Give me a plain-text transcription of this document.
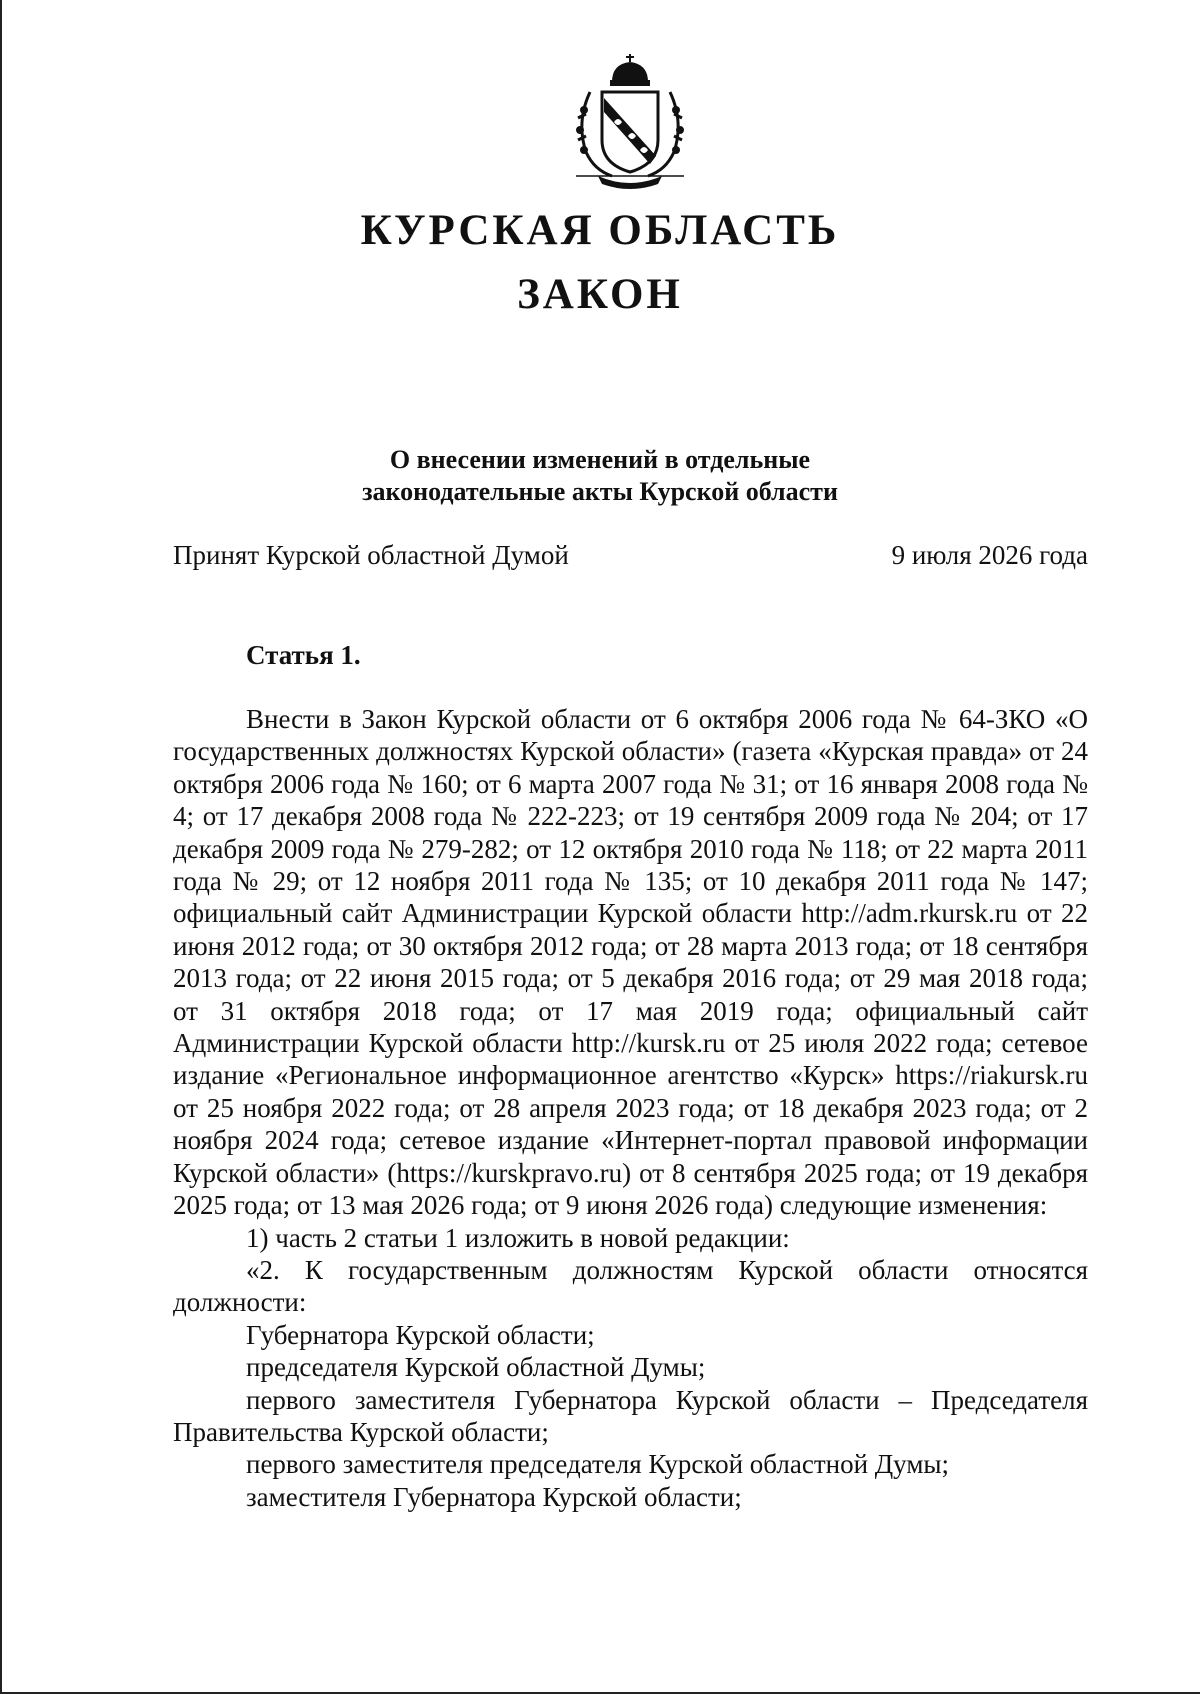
КУРСКАЯ ОБЛАСТЬ
ЗАКОН
О внесении изменений в отдельные
законодательные акты Курской области
Принят Курской областной Думой	9 июля 2026 года
Статья 1.

Внести в Закон Курской области от 6 октября 2006 года № 64-ЗКО «О государственных должностях Курской области» (газета «Курская правда» от 24 октября 2006 года № 160; от 6 марта 2007 года № 31; от 16 января 2008 года № 4; от 17 декабря 2008 года № 222-223; от 19 сентября 2009 года № 204; от 17 декабря 2009 года № 279-282; от 12 октября 2010 года № 118; от 22 марта 2011 года № 29; от 12 ноября 2011 года № 135; от 10 декабря 2011 года № 147; официальный сайт Администрации Курской области http://adm.rkursk.ru от 22 июня 2012 года; от 30 октября 2012 года; от 28 марта 2013 года; от 18 сентября 2013 года; от 22 июня 2015 года; от 5 декабря 2016 года; от 29 мая 2018 года; от 31 октября 2018 года; от 17 мая 2019 года; официальный сайт Администрации Курской области http://kursk.ru от 25 июля 2022 года; сетевое издание «Региональное информационное агентство «Курск» https://riakursk.ru от 25 ноября 2022 года; от 28 апреля 2023 года; от 18 декабря 2023 года; от 2 ноября 2024 года; сетевое издание «Интернет-портал правовой информации Курской области» (https://kurskpravo.ru) от 8 сентября 2025 года; от 19 декабря 2025 года; от 13 мая 2026 года; от 9 июня 2026 года) следующие изменения:

1) часть 2 статьи 1 изложить в новой редакции:

«2. К государственным должностям Курской области относятся должности:

Губернатора Курской области;

председателя Курской областной Думы;

первого заместителя Губернатора Курской области – Председателя Правительства Курской области;

первого заместителя председателя Курской областной Думы;

заместителя Губернатора Курской области;
